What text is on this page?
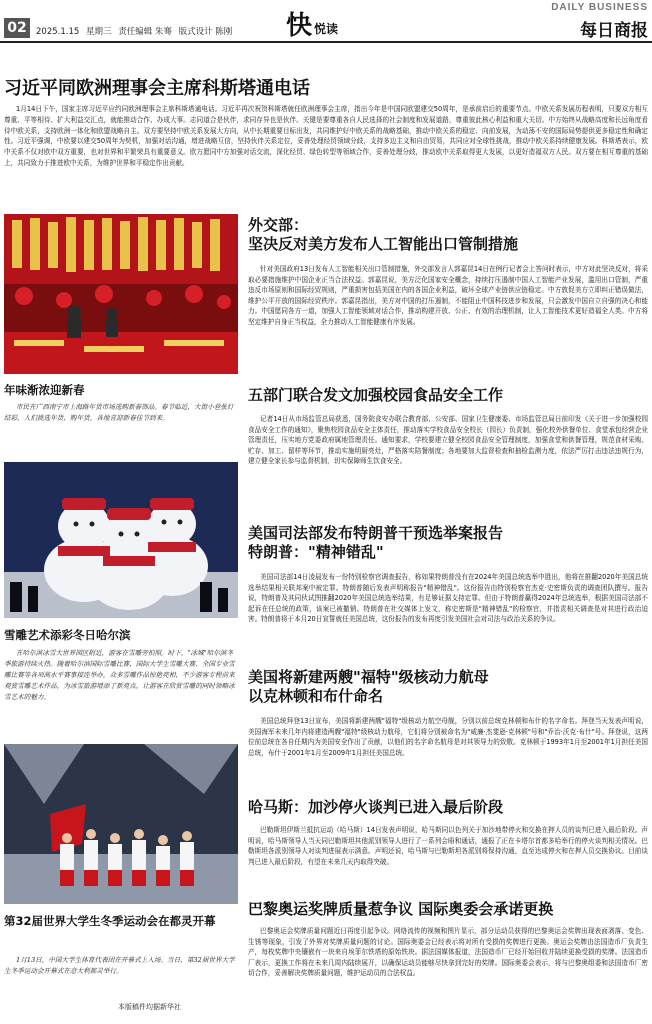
02	2025.1.15 星期三 责任编辑 朱骞 版式设计 陈刚 快 悦读
DAILY BUSINESS
每日商报
习近平同欧洲理事会主席科斯塔通电话
1月14日下午，国家主席习近平应约同欧洲理事会主席科斯塔通电话。习近平再次祝贺科斯塔就任欧洲理事会主席，指出今年是中国同欧盟建交50周年，是承前启后的重要节点。中欧关系发展历程表明，只要双方相互尊重、平等相待、扩大利益交汇点，就能推动合作、办成大事。志同道合是伙伴，求同存异也是伙伴。关键是要尊重各自人民选择的社会制度和发展道路，尊重彼此核心利益和重大关切。中方始终从战略高度和长远角度看待中欧关系，支持欧洲一体化和欧盟战略自主。双方要坚持中欧关系发展大方向，从中长期重要目标出发，共同维护好中欧关系的战略基础，推动中欧关系的稳定、向前发展，为动荡不安的国际局势提供更多稳定性和确定性。习近平强调，中欧要以建交50周年为契机，加强对话沟通，增进战略互信，坚持伙伴关系定位，妥善处理经贸领域分歧，支持多边主义和自由贸易，共同应对全球性挑战，推动中欧关系持续健康发展。科斯塔表示，欧中关系不仅对欧中双方重要，也对世界和平繁荣具有重要意义。欧方愿同中方加强对话交流，深化经贸、绿色转型等领域合作，妥善处理分歧，推动欧中关系取得更大发展，以更好造福双方人民。双方要在相互尊重的基础上，共同致力于推进欧中关系，为维护世界和平稳定作出贡献。
年味渐浓迎新春
市民在广西南宁市上海路年货市场选购新春饰品。春节临近，大街小巷张灯结彩，人们挑选年货、购年货，各地喜迎新春佳节到来。
雪雕艺术添彩冬日哈尔滨
在哈尔滨冰雪大世界园区附近，游客在雪雕旁拍照。时下，"冰城"哈尔滨冬季旅游持续火热。随着哈尔滨国际雪雕比赛、国际大学生雪雕大赛、全国专业雪雕比赛等各项高水平赛事接连举办，众多雪雕作品惊艳亮相，不少游客专程前来观赏雪雕艺术作品，为冰雪旅游增添了新亮点，让游客在欣赏雪雕的同时领略冰雪艺术的魅力。
第32届世界大学生冬季运动会在都灵开幕
1月13日，中国大学生体育代表团在开幕式上入场。当日，第32届世界大学生冬季运动会开幕式在意大利都灵举行。
外交部：
坚决反对美方发布人工智能出口管制措施
针对美国政府13日发布人工智能相关出口管制措施，外交部发言人郭嘉昆14日在例行记者会上答问时表示，中方对此坚决反对，将采取必要措施维护中国企业正当合法权益。郭嘉昆说，美方泛化国家安全概念，持续打压遏制中国人工智能产业发展，滥用出口管制，严重违反市场原则和国际经贸规则，严重损害包括美国在内的各国企业利益，破坏全球产业链供应链稳定。中方敦促美方立即纠正错误做法，维护公平开放的国际经贸秩序。郭嘉昆指出，美方对中国的打压遏制，不能阻止中国科技进步和发展，只会激发中国自立自强的决心和能力。中国愿同各方一道，加强人工智能领域对话合作，推动构建开放、公正、有效的治理机制，让人工智能技术更好造福全人类。中方将坚定维护自身正当权益，全力推动人工智能健康有序发展。
五部门联合发文加强校园食品安全工作
记者14日从市场监管总局获悉，国务院食安办联合教育部、公安部、国家卫生健康委、市场监管总局日前印发《关于进一步加强校园食品安全工作的通知》，聚焦校园食品安全主体责任，推动落实学校食品安全校长（园长）负责制，强化校外供餐单位、食堂承包经营企业管理责任，压实地方党委政府属地管理责任。通知要求，学校要建立健全校园食品安全管理制度，加强食堂和供餐管理，规范食材采购、贮存、加工、留样等环节，推动实施明厨亮灶，严格落实陪餐制度；各地要加大监督检查和抽检监测力度，依法严厉打击违法违规行为，建立健全家长参与监督机制，切实保障师生饮食安全。
美国司法部发布特朗普干预选举案报告
特朗普："精神错乱"
美国司法部14日凌晨发布一份特别检察官调查报告，称如果特朗普没有在2024年美国总统选举中胜出，他将在推翻2020年美国总统选举结果相关联邦案中被定罪。特朗普随后发表声明称报告"精神错乱"。这份报告由特别检察官杰克·史密斯负责的调查团队撰写。报告说，特朗普及其同伙试图推翻2020年美国总统选举结果，有足够证据支持定罪。但由于特朗普赢得2024年总统选举，根据美国司法部不起诉在任总统的政策，该案已被撤销。特朗普在社交媒体上发文，称史密斯是"精神错乱"的检察官，并指责相关调查是对其进行政治迫害。特朗普将于本月20日宣誓就任美国总统，这份报告的发布再度引发美国社会对司法与政治关系的争议。
美国将新建两艘"福特"级核动力航母
以克林顿和布什命名
美国总统拜登13日宣布，美国将新建两艘"福特"级核动力航空母舰，分别以前总统克林顿和布什的名字命名。拜登当天发表声明说，美国海军未来几年内将建造两艘"福特"级核动力航母，它们将分别被命名为"威廉·杰斐逊·克林顿"号和"乔治·沃克·布什"号。拜登说，这两位前总统在各自任期内为美国安全作出了贡献，以他们的名字命名航母是对其领导力的致敬。克林顿于1993年1月至2001年1月担任美国总统，布什于2001年1月至2009年1月担任美国总统。
哈马斯：加沙停火谈判已进入最后阶段
巴勒斯坦伊斯兰抵抗运动（哈马斯）14日发表声明说，哈马斯同以色列关于加沙地带停火和交换在押人员的谈判已进入最后阶段。声明说，哈马斯领导人当天同巴勒斯坦其他派别领导人进行了一系列会晤和通话，通报了正在卡塔尔首都多哈举行的停火谈判相关情况。巴勒斯坦各派别领导人对谈判进展表示满意。声明还说，哈马斯与巴勒斯坦各派别将保持沟通，直至达成停火和在押人员交换协议。目前谈判已进入最后阶段，有望在未来几天内取得突破。
巴黎奥运奖牌质量惹争议 国际奥委会承诺更换
巴黎奥运会奖牌质量问题近日再度引起争议。网络流传的视频和图片显示，部分运动员获得的巴黎奥运会奖牌出现表面剥落、变色、生锈等现象，引发了外界对奖牌质量问题的讨论。国际奥委会已经表示将对所有受损的奖牌进行更换。奥运会奖牌由法国造币厂负责生产，每枚奖牌中央镶嵌有一块来自埃菲尔铁塔的原始铁块。据法国媒体报道，法国造币厂已经开始回收并陆续更换受损的奖牌。法国造币厂表示，更换工作将在未来几周内陆续展开，以确保运动员能够尽快拿到完好的奖牌。国际奥委会表示，将与巴黎奥组委和法国造币厂密切合作，妥善解决奖牌质量问题，维护运动员的合法权益。
本版稿件均据新华社
